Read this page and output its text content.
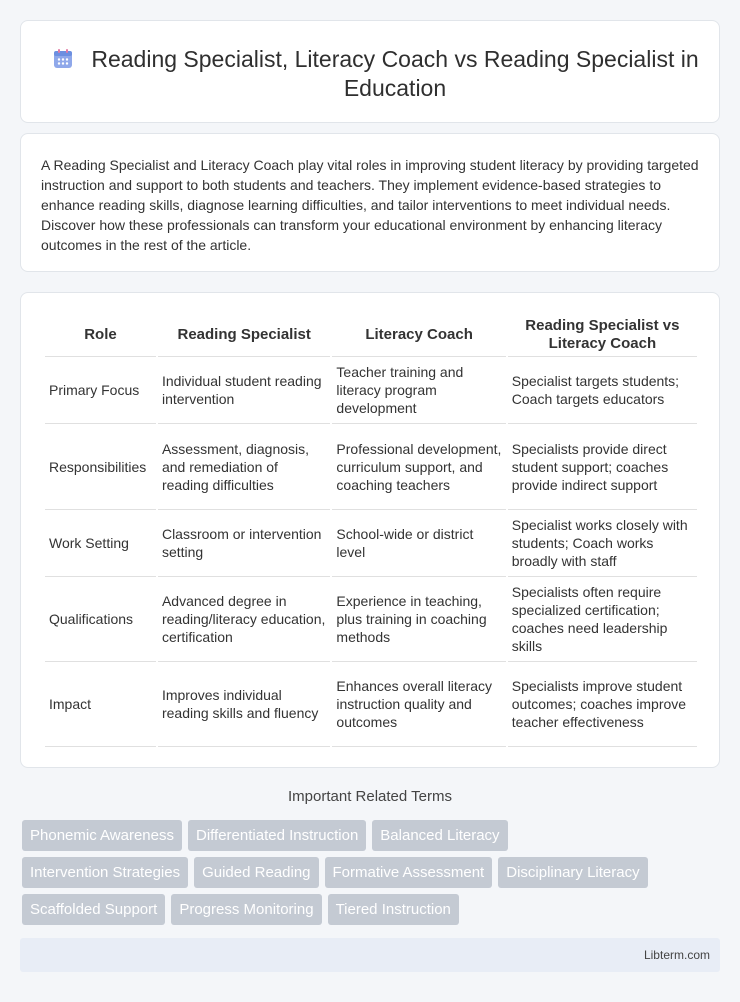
Reading Specialist, Literacy Coach vs Reading Specialist in Education

A Reading Specialist and Literacy Coach play vital roles in improving student literacy by providing targeted instruction and support to both students and teachers. They implement evidence-based strategies to enhance reading skills, diagnose learning difficulties, and tailor interventions to meet individual needs. Discover how these professionals can transform your educational environment by enhancing literacy outcomes in the rest of the article.

Role	Reading Specialist	Literacy Coach	Reading Specialist vs Literacy Coach
Primary Focus	Individual student reading intervention	Teacher training and literacy program development	Specialist targets students; Coach targets educators
Responsibilities	Assessment, diagnosis, and remediation of reading difficulties	Professional development, curriculum support, and coaching teachers	Specialists provide direct student support; coaches provide indirect support
Work Setting	Classroom or intervention setting	School-wide or district level	Specialist works closely with students; Coach works broadly with staff
Qualifications	Advanced degree in reading/literacy education, certification	Experience in teaching, plus training in coaching methods	Specialists often require specialized certification; coaches need leadership skills
Impact	Improves individual reading skills and fluency	Enhances overall literacy instruction quality and outcomes	Specialists improve student outcomes; coaches improve teacher effectiveness
Important Related Terms
Phonemic Awareness	Differentiated Instruction	Balanced Literacy
Intervention Strategies	Guided Reading	Formative Assessment	Disciplinary Literacy
Scaffolded Support	Progress Monitoring	Tiered Instruction
Libterm.com
